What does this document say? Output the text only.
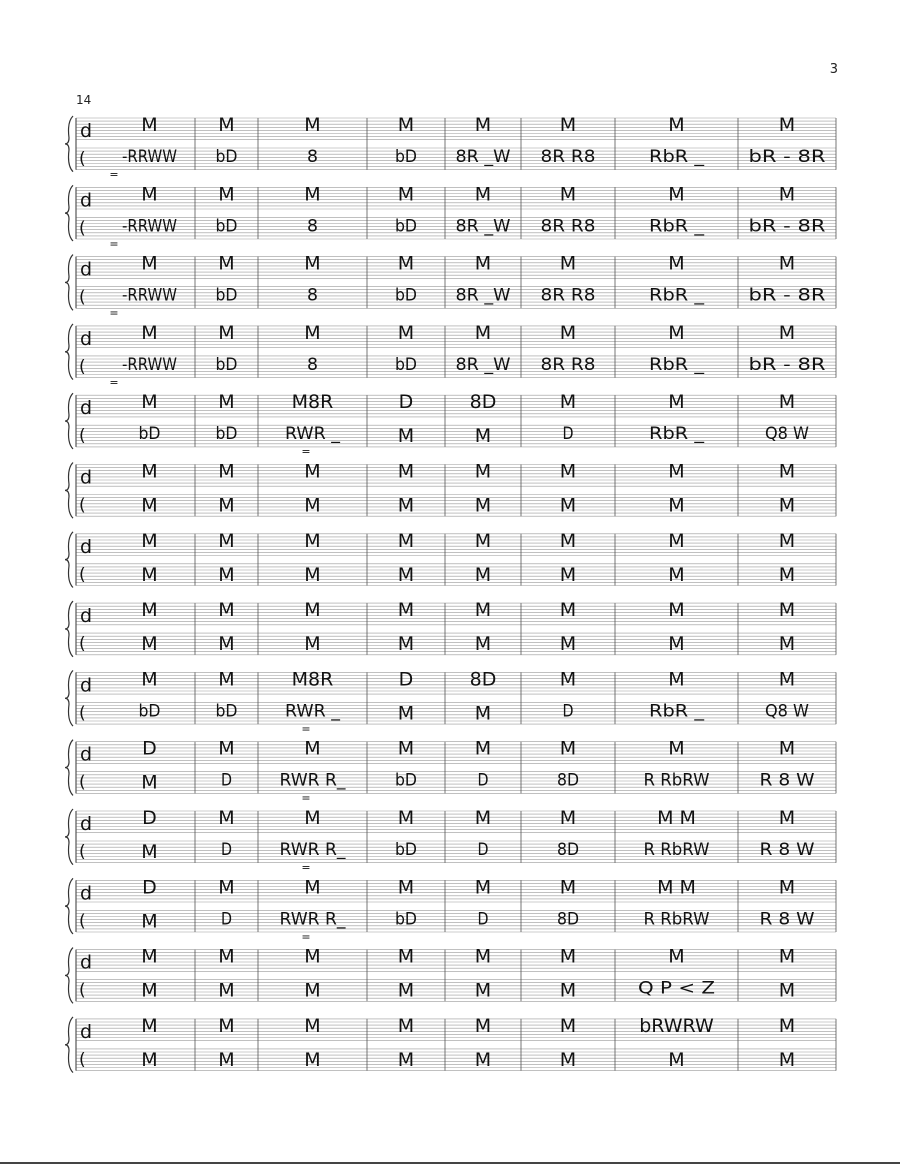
3
14
d
(
M
-RRWW
M
bD
M
8
M
bD
M
8R _W
M
8R R8
M
RbR _
M
bR - 8R
=
d
(
M
-RRWW
M
bD
M
8
M
bD
M
8R _W
M
8R R8
M
RbR _
M
bR - 8R
=
d
(
M
-RRWW
M
bD
M
8
M
bD
M
8R _W
M
8R R8
M
RbR _
M
bR - 8R
=
d
(
M
-RRWW
M
bD
M
8
M
bD
M
8R _W
M
8R R8
M
RbR _
M
bR - 8R
=
d
(
M
bD
M
bD
M8R
RWR _
D
M
8D
M
M
D
M
RbR _
M
Q8 W
=
d
(
M
M
M
M
M
M
M
M
M
M
M
M
M
M
M
M
d
(
M
M
M
M
M
M
M
M
M
M
M
M
M
M
M
M
d
(
M
M
M
M
M
M
M
M
M
M
M
M
M
M
M
M
d
(
M
bD
M
bD
M8R
RWR _
D
M
8D
M
M
D
M
RbR _
M
Q8 W
=
d
(
D
M
M
D
M
RWR R_
M
bD
M
D
M
8D
M
R RbRW
M
R 8 W
=
d
(
D
M
M
D
M
RWR R_
M
bD
M
D
M
8D
M M
R RbRW
M
R 8 W
=
d
(
D
M
M
D
M
RWR R_
M
bD
M
D
M
8D
M M
R RbRW
M
R 8 W
=
d
(
M
M
M
M
M
M
M
M
M
M
M
M
M
Q P < Z
M
M
d
(
M
M
M
M
M
M
M
M
M
M
M
M
bRWRW
M
M
M
